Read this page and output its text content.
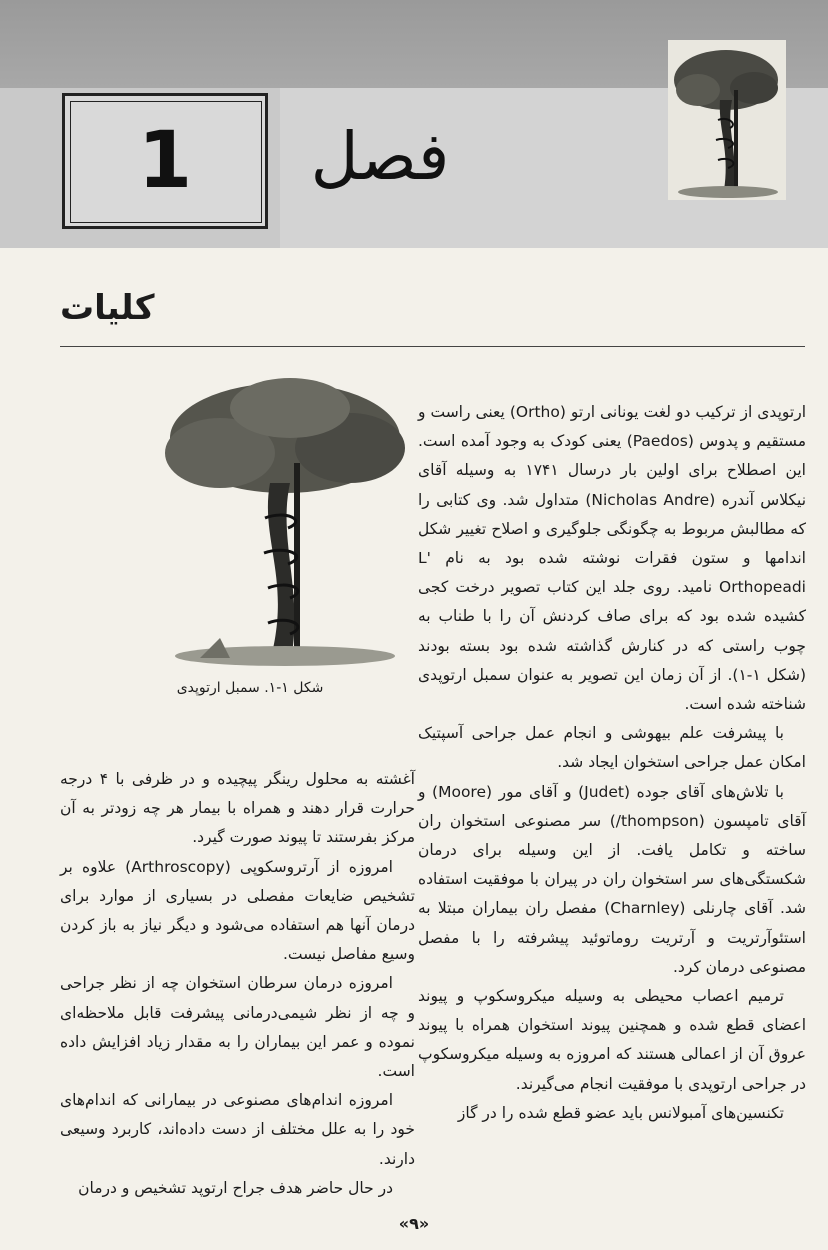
1 فصل
کلیات
شکل ۱-۱. سمبل ارتوپدی

ارتوپدی از ترکیب دو لغت یونانی ارتو (Ortho) یعنی راست و مستقیم و پدوس (Paedos) یعنی کودک به وجود آمده است. این اصطلاح برای اولین بار درسال ۱۷۴۱ به وسیله آقای نیکلاس آندره (Nicholas Andre) متداول شد. وی کتابی را که مطالبش مربوط به چگونگی جلوگیری و اصلاح تغییر شکل اندامها و ستون فقرات نوشته شده بود به نام L' Orthopeadi نامید. روی جلد این کتاب تصویر درخت کجی کشیده شده بود که برای صاف کردنش آن را با طناب به چوب راستی که در کنارش گذاشته شده بود بسته بودند (شکل ۱-۱). از آن زمان این تصویر به عنوان سمبل ارتوپدی شناخته شده است.

با پیشرفت علم بیهوشی و انجام عمل جراحی آسپتیک امکان عمل جراحی استخوان ایجاد شد.

با تلاش‌های آقای جوده (Judet) و آقای مور (Moore) و آقای تامپسون (thompson/) سر مصنوعی استخوان ران ساخته و تکامل یافت. از این وسیله برای درمان شکستگی‌های سر استخوان ران در پیران با موفقیت استفاده شد. آقای چارنلی (Charnley) مفصل ران بیماران مبتلا به استئوآرتریت و آرتریت روماتوئید پیشرفته را با مفصل مصنوعی درمان کرد.

ترمیم اعصاب محیطی به وسیله میکروسکوپ و پیوند اعضای قطع شده و همچنین پیوند استخوان همراه با پیوند عروق آن از اعمالی هستند که امروزه به وسیله میکروسکوپ در جراحی ارتوپدی با موفقیت انجام می‌گیرند.

تکنسین‌های آمبولانس باید عضو قطع شده را در گاز

آغشته به محلول رینگر پیچیده و در ظرفی با ۴ درجه حرارت قرار دهند و همراه با بیمار هر چه زودتر به آن مرکز بفرستند تا پیوند صورت گیرد.

امروزه از آرتروسکوپی (Arthroscopy) علاوه بر تشخیص ضایعات مفصلی در بسیاری از موارد برای درمان آنها هم استفاده می‌شود و دیگر نیاز به باز کردن وسیع مفاصل نیست.

امروزه درمان سرطان استخوان چه از نظر جراحی و چه از نظر شیمی‌درمانی پیشرفت قابل ملاحظه‌ای نموده و عمر این بیماران را به مقدار زیاد افزایش داده است.

امروزه اندام‌های مصنوعی در بیمارانی که اندام‌های خود را به علل مختلف از دست داده‌اند، کاربرد وسیعی دارند.

در حال حاضر هدف جراح ارتوپد تشخیص و درمان

«۹»
